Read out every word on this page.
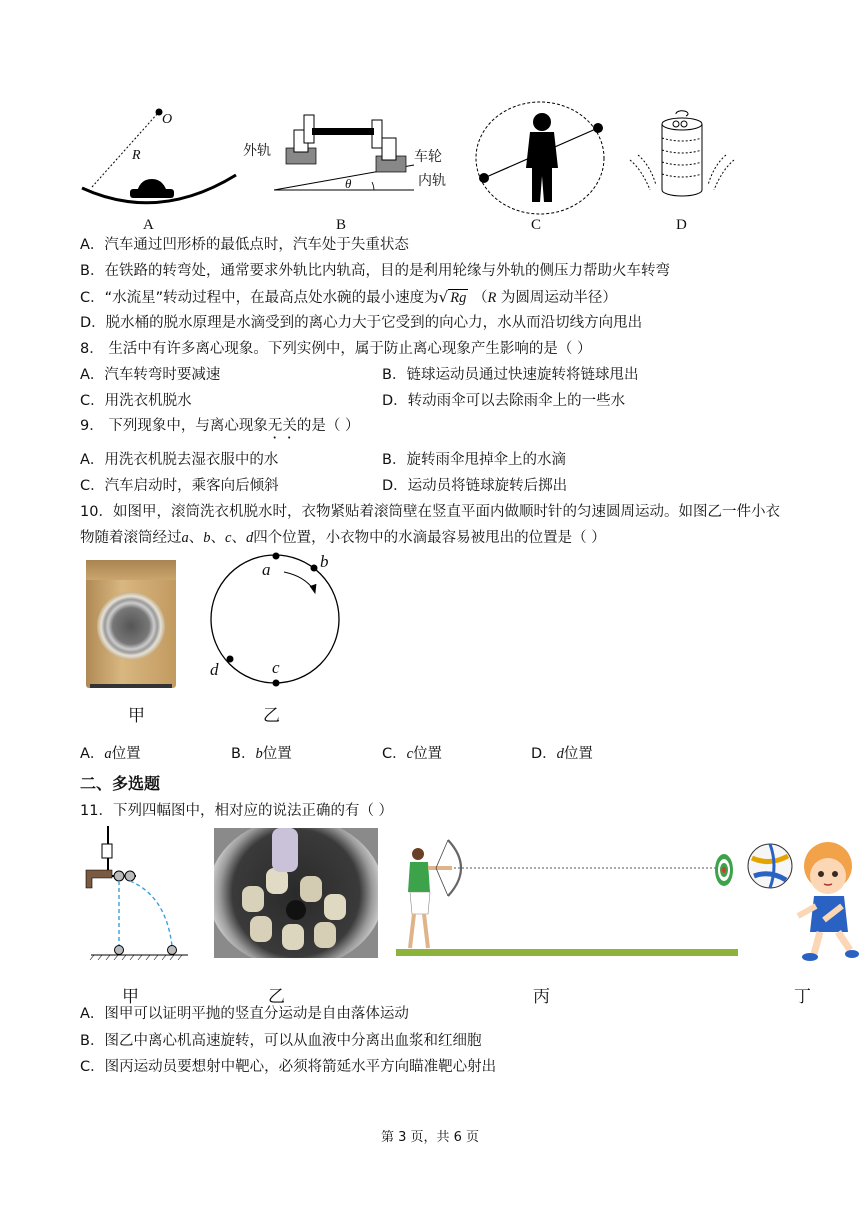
O
R
A
外轨	车轮
内轨
θ
B	C	D
A．汽车通过凹形桥的最低点时，汽车处于失重状态
B．在铁路的转弯处，通常要求外轨比内轨高，目的是利用轮缘与外轨的侧压力帮助火车转弯
C．“水流星”转动过程中，在最高点处水碗的最小速度为√ Rg （R 为圆周运动半径）
D．脱水桶的脱水原理是水滴受到的离心力大于它受到的向心力，水从而沿切线方向甩出
8． 生活中有许多离心现象。下列实例中，属于防止离心现象产生影响的是（ ）
A．汽车转弯时要减速	B．链球运动员通过快速旋转将链球甩出
C．用洗衣机脱水	D．转动雨伞可以去除雨伞上的一些水
9． 下列现象中，与离心现象无关的是（ ）
A．用洗衣机脱去湿衣服中的水	B．旋转雨伞甩掉伞上的水滴
C．汽车启动时，乘客向后倾斜	D．运动员将链球旋转后掷出
10．如图甲，滚筒洗衣机脱水时，衣物紧贴着滚筒壁在竖直平面内做顺时针的匀速圆周运动。如图乙一件小衣
物随着滚筒经过a、b、c、d四个位置，小衣物中的水滴最容易被甩出的位置是（ ）
甲
a	b
c
d
乙
A．a位置	B．b位置	C．c位置	D．d位置
二、多选题
11．下列四幅图中，相对应的说法正确的有（ ）
甲	乙	丙	丁
A．图甲可以证明平抛的竖直分运动是自由落体运动
B．图乙中离心机高速旋转，可以从血液中分离出血浆和红细胞
C．图丙运动员要想射中靶心，必须将箭延水平方向瞄准靶心射出
第 3 页，共 6 页
